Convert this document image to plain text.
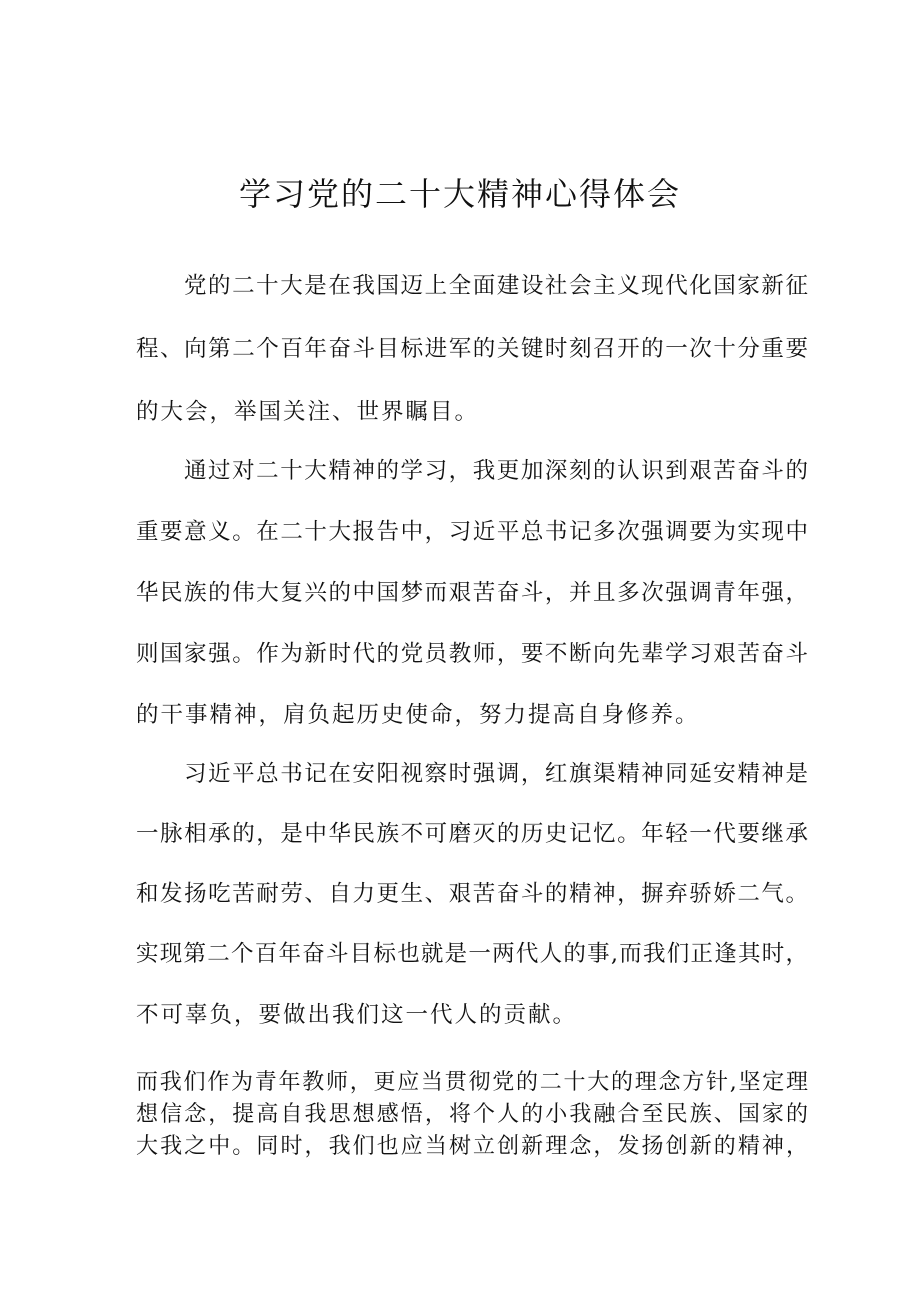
学习党的二十大精神心得体会

党的二十大是在我国迈上全面建设社会主义现代化国家新征

程、向第二个百年奋斗目标进军的关键时刻召开的一次十分重要

的大会，举国关注、世界瞩目。

通过对二十大精神的学习，我更加深刻的认识到艰苦奋斗的

重要意义。在二十大报告中，习近平总书记多次强调要为实现中

华民族的伟大复兴的中国梦而艰苦奋斗，并且多次强调青年强，

则国家强。作为新时代的党员教师，要不断向先辈学习艰苦奋斗

的干事精神，肩负起历史使命，努力提高自身修养。

习近平总书记在安阳视察时强调，红旗渠精神同延安精神是

一脉相承的，是中华民族不可磨灭的历史记忆。年轻一代要继承

和发扬吃苦耐劳、自力更生、艰苦奋斗的精神，摒弃骄娇二气。

实现第二个百年奋斗目标也就是一两代人的事,而我们正逢其时，

不可辜负，要做出我们这一代人的贡献。

而我们作为青年教师，更应当贯彻党的二十大的理念方针,坚定理

想信念，提高自我思想感悟，将个人的小我融合至民族、国家的

大我之中。同时，我们也应当树立创新理念，发扬创新的精神，
